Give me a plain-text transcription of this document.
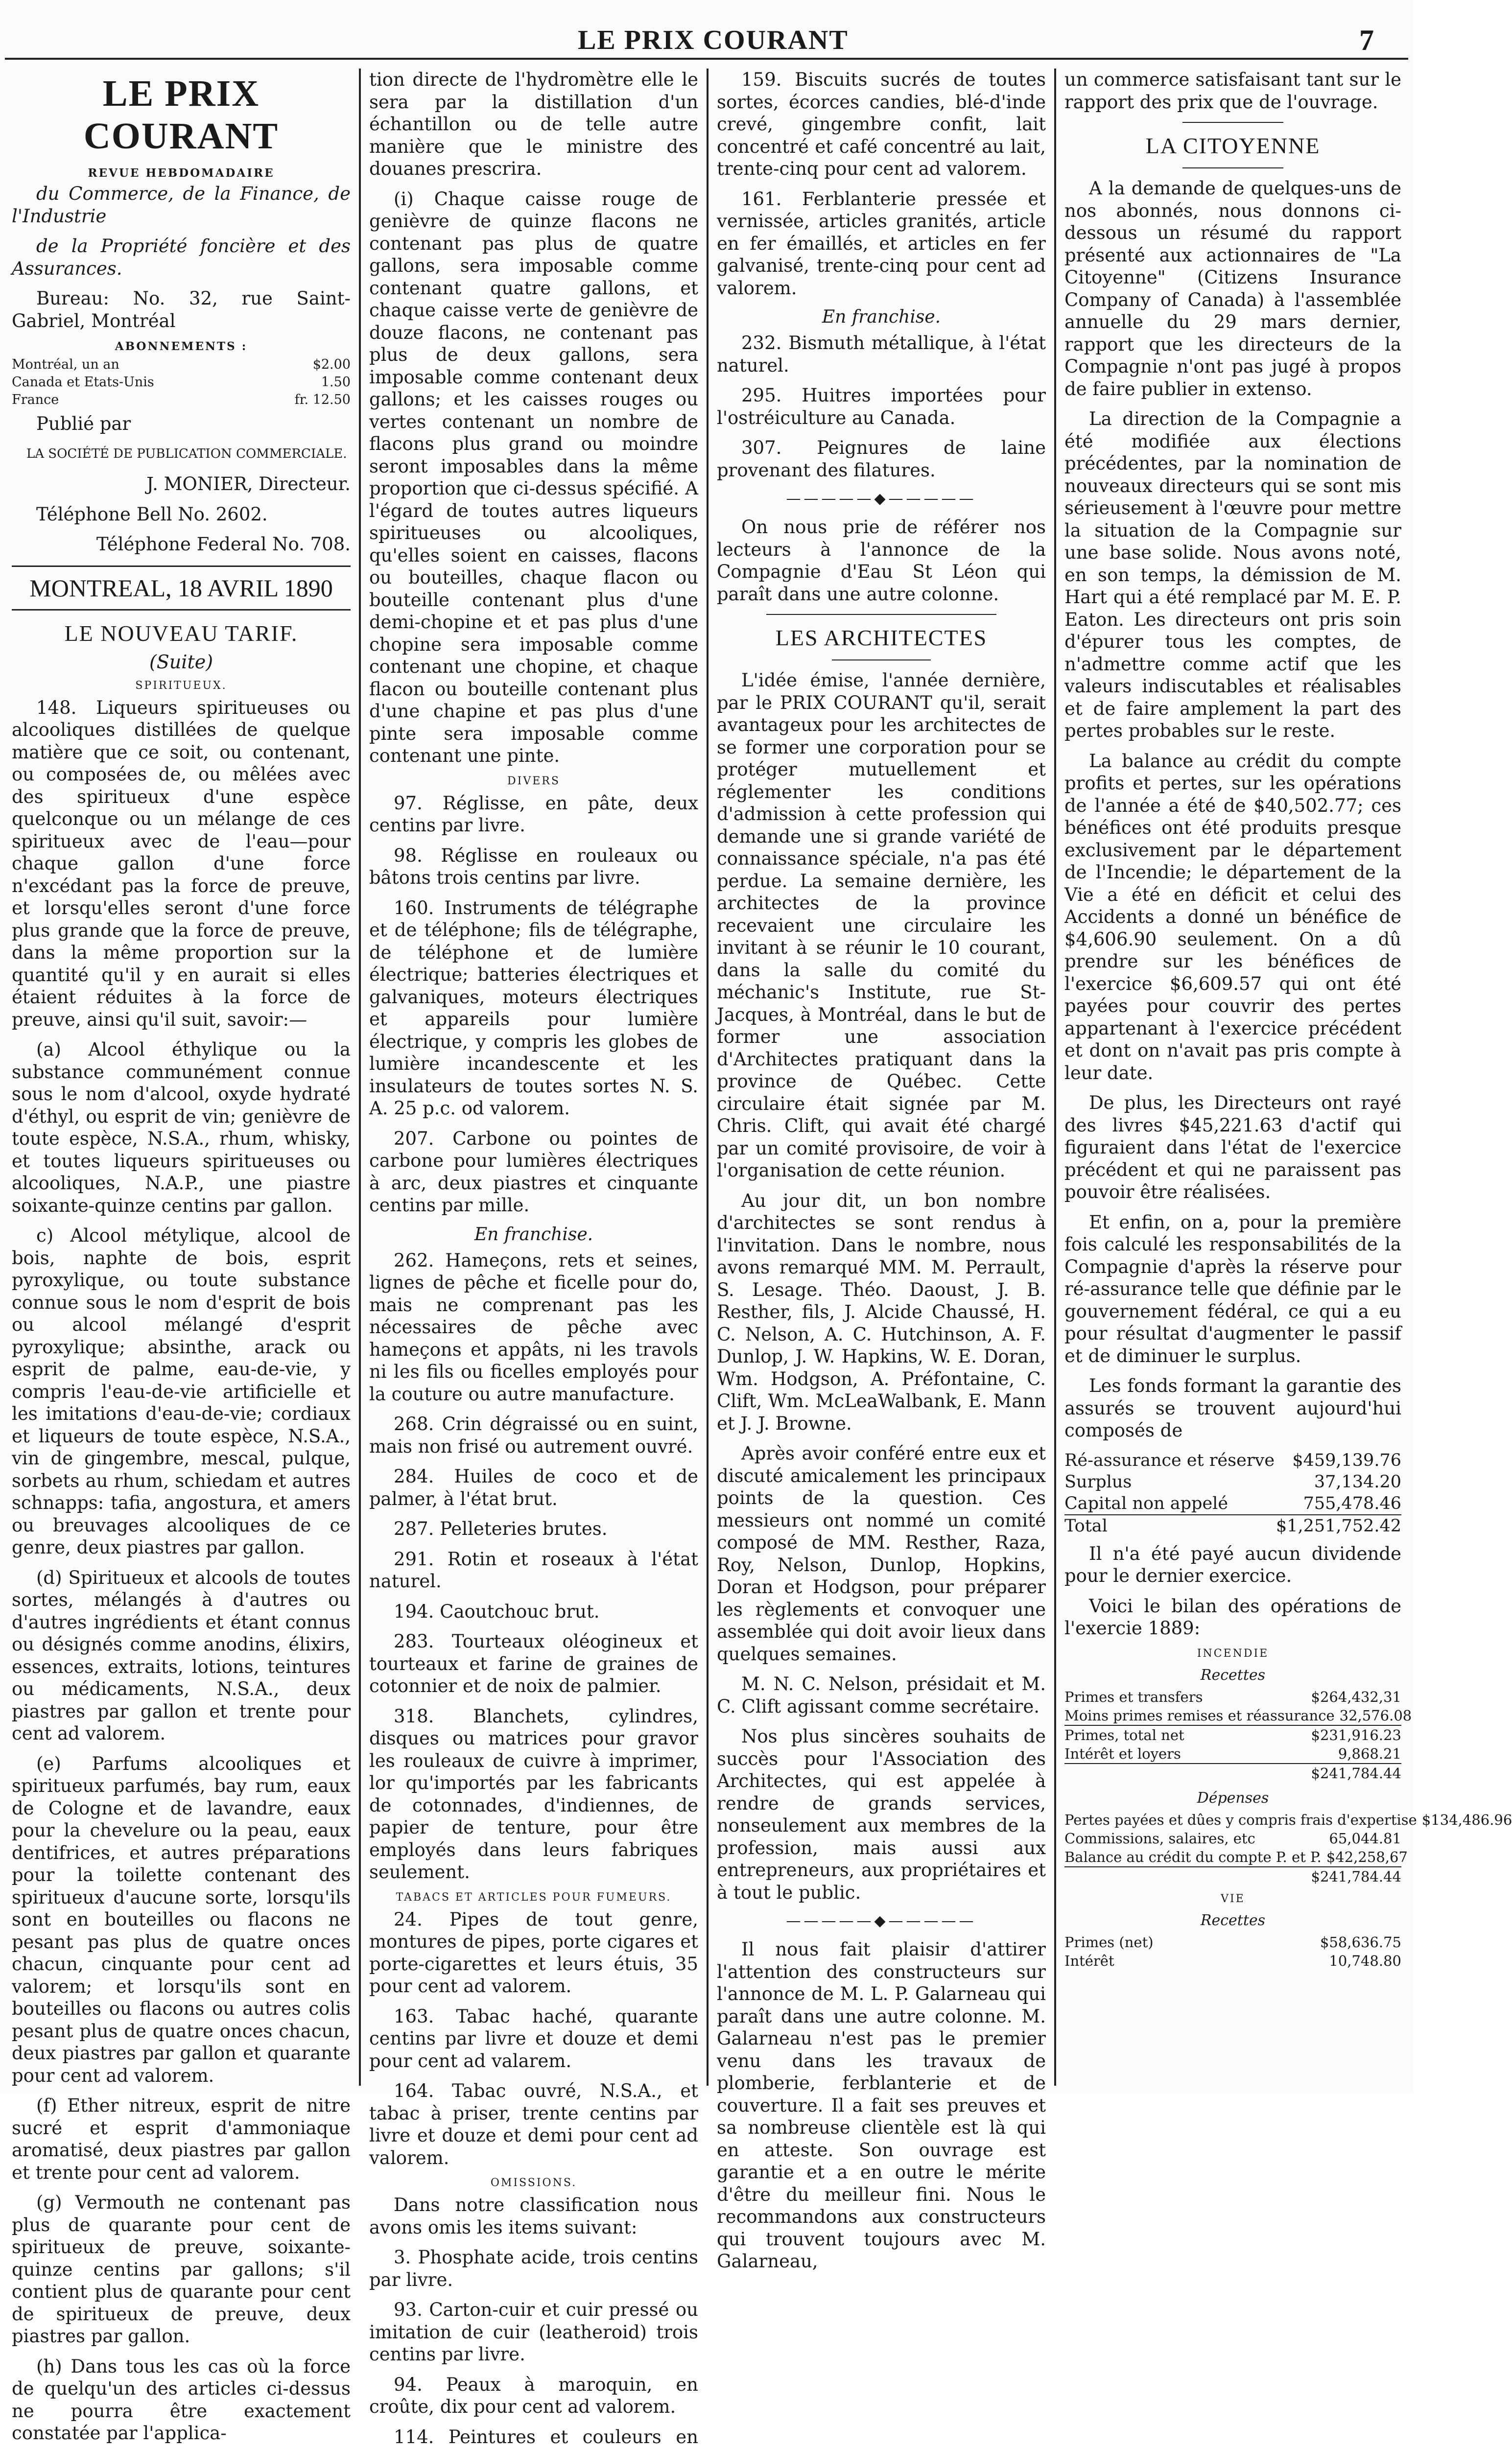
LE PRIX COURANT	7
LE PRIX COURANT
REVUE HEBDOMADAIRE

du Commerce, de la Finance, de l'Industrie

de la Propriété foncière et des Assurances.

Bureau: No. 32, rue Saint-Gabriel, Montréal

ABONNEMENTS :
Montréal, un an	$2.00
Canada et Etats-Unis	1.50
France	fr. 12.50

Publié par

LA SOCIÉTÉ DE PUBLICATION COMMERCIALE.

J. MONIER, Directeur.

Téléphone Bell No. 2602.

Téléphone Federal No. 708.

MONTREAL, 18 AVRIL 1890
LE NOUVEAU TARIF.
(Suite)
SPIRITUEUX.

148. Liqueurs spiritueuses ou alcooliques distillées de quelque matière que ce soit, ou contenant, ou composées de, ou mêlées avec des spiritueux d'une espèce quelconque ou un mélange de ces spiritueux avec de l'eau—pour chaque gallon d'une force n'excédant pas la force de preuve, et lorsqu'elles seront d'une force plus grande que la force de preuve, dans la même proportion sur la quantité qu'il y en aurait si elles étaient réduites à la force de preuve, ainsi qu'il suit, savoir:—

(a) Alcool éthylique ou la substance communément connue sous le nom d'alcool, oxyde hydraté d'éthyl, ou esprit de vin; genièvre de toute espèce, N.S.A., rhum, whisky, et toutes liqueurs spiritueuses ou alcooliques, N.A.P., une piastre soixante-quinze centins par gallon.

c) Alcool métylique, alcool de bois, naphte de bois, esprit pyroxylique, ou toute substance connue sous le nom d'esprit de bois ou alcool mélangé d'esprit pyroxylique; absinthe, arack ou esprit de palme, eau-de-vie, y compris l'eau-de-vie artificielle et les imitations d'eau-de-vie; cordiaux et liqueurs de toute espèce, N.S.A., vin de gingembre, mescal, pulque, sorbets au rhum, schiedam et autres schnapps: tafia, angostura, et amers ou breuvages alcooliques de ce genre, deux piastres par gallon.

(d) Spiritueux et alcools de toutes sortes, mélangés à d'autres ou d'autres ingrédients et étant connus ou désignés comme anodins, élixirs, essences, extraits, lotions, teintures ou médicaments, N.S.A., deux piastres par gallon et trente pour cent ad valorem.

(e) Parfums alcooliques et spiritueux parfumés, bay rum, eaux de Cologne et de lavandre, eaux pour la chevelure ou la peau, eaux dentifrices, et autres préparations pour la toilette contenant des spiritueux d'aucune sorte, lorsqu'ils sont en bouteilles ou flacons ne pesant pas plus de quatre onces chacun, cinquante pour cent ad valorem; et lorsqu'ils sont en bouteilles ou flacons ou autres colis pesant plus de quatre onces chacun, deux piastres par gallon et quarante pour cent ad valorem.

(f) Ether nitreux, esprit de nitre sucré et esprit d'ammoniaque aromatisé, deux piastres par gallon et trente pour cent ad valorem.

(g) Vermouth ne contenant pas plus de quarante pour cent de spiritueux de preuve, soixante-quinze centins par gallons; s'il contient plus de quarante pour cent de spiritueux de preuve, deux piastres par gallon.

(h) Dans tous les cas où la force de quelqu'un des articles ci-dessus ne pourra être exactement constatée par l'applica-

tion directe de l'hydromètre elle le sera par la distillation d'un échantillon ou de telle autre manière que le ministre des douanes prescrira.

(i) Chaque caisse rouge de genièvre de quinze flacons ne contenant pas plus de quatre gallons, sera imposable comme contenant quatre gallons, et chaque caisse verte de genièvre de douze flacons, ne contenant pas plus de deux gallons, sera imposable comme contenant deux gallons; et les caisses rouges ou vertes contenant un nombre de flacons plus grand ou moindre seront imposables dans la même proportion que ci-dessus spécifié. A l'égard de toutes autres liqueurs spiritueuses ou alcooliques, qu'elles soient en caisses, flacons ou bouteilles, chaque flacon ou bouteille contenant plus d'une demi-chopine et et pas plus d'une chopine sera imposable comme contenant une chopine, et chaque flacon ou bouteille contenant plus d'une chapine et pas plus d'une pinte sera imposable comme contenant une pinte.

DIVERS

97. Réglisse, en pâte, deux centins par livre.

98. Réglisse en rouleaux ou bâtons trois centins par livre.

160. Instruments de télégraphe et de téléphone; fils de télégraphe, de téléphone et de lumière électrique; batteries électriques et galvaniques, moteurs électriques et appareils pour lumière électrique, y compris les globes de lumière incandescente et les insulateurs de toutes sortes N. S. A. 25 p.c. od valorem.

207. Carbone ou pointes de carbone pour lumières électriques à arc, deux piastres et cinquante centins par mille.

En franchise.

262. Hameçons, rets et seines, lignes de pêche et ficelle pour do, mais ne comprenant pas les nécessaires de pêche avec hameçons et appâts, ni les travols ni les fils ou ficelles employés pour la couture ou autre manufacture.

268. Crin dégraissé ou en suint, mais non frisé ou autrement ouvré.

284. Huiles de coco et de palmer, à l'état brut.

287. Pelleteries brutes.

291. Rotin et roseaux à l'état naturel.

194. Caoutchouc brut.

283. Tourteaux oléogineux et tourteaux et farine de graines de cotonnier et de noix de palmier.

318. Blanchets, cylindres, disques ou matrices pour gravor les rouleaux de cuivre à imprimer, lor qu'importés par les fabricants de cotonnades, d'indiennes, de papier de tenture, pour être employés dans leurs fabriques seulement.

TABACS ET ARTICLES POUR FUMEURS.

24. Pipes de tout genre, montures de pipes, porte cigares et porte-cigarettes et leurs étuis, 35 pour cent ad valorem.

163. Tabac haché, quarante centins par livre et douze et demi pour cent ad valarem.

164. Tabac ouvré, N.S.A., et tabac à priser, trente centins par livre et douze et demi pour cent ad valorem.

OMISSIONS.

Dans notre classification nous avons omis les items suivant:

3. Phosphate acide, trois centins par livre.

93. Carton-cuir et cuir pressé ou imitation de cuir (leatheroid) trois centins par livre.

94. Peaux à maroquin, en croûte, dix pour cent ad valorem.

114. Peintures et couleurs en

159. Biscuits sucrés de toutes sortes, écorces candies, blé-d'inde crevé, gingembre confit, lait concentré et café concentré au lait, trente-cinq pour cent ad valorem.

161. Ferblanterie pressée et vernissée, articles granités, article en fer émaillés, et articles en fer galvanisé, trente-cinq pour cent ad valorem.

En franchise.

232. Bismuth métallique, à l'état naturel.

295. Huitres importées pour l'ostréiculture au Canada.

307. Peignures de laine provenant des filatures.

—————◆—————

On nous prie de référer nos lecteurs à l'annonce de la Compagnie d'Eau St Léon qui paraît dans une autre colonne.

LES ARCHITECTES

L'idée émise, l'année dernière, par le PRIX COURANT qu'il, serait avantageux pour les architectes de se former une corporation pour se protéger mutuellement et réglementer les conditions d'admission à cette profession qui demande une si grande variété de connaissance spéciale, n'a pas été perdue. La semaine dernière, les architectes de la province recevaient une circulaire les invitant à se réunir le 10 courant, dans la salle du comité du méchanic's Institute, rue St-Jacques, à Montréal, dans le but de former une association d'Architectes pratiquant dans la province de Québec. Cette circulaire était signée par M. Chris. Clift, qui avait été chargé par un comité provisoire, de voir à l'organisation de cette réunion.

Au jour dit, un bon nombre d'architectes se sont rendus à l'invitation. Dans le nombre, nous avons remarqué MM. M. Perrault, S. Lesage. Théo. Daoust, J. B. Resther, fils, J. Alcide Chaussé, H. C. Nelson, A. C. Hutchinson, A. F. Dunlop, J. W. Hapkins, W. E. Doran, Wm. Hodgson, A. Préfontaine, C. Clift, Wm. McLeaWalbank, E. Mann et J. J. Browne.

Après avoir conféré entre eux et discuté amicalement les principaux points de la question. Ces messieurs ont nommé un comité composé de MM. Resther, Raza, Roy, Nelson, Dunlop, Hopkins, Doran et Hodgson, pour préparer les règlements et convoquer une assemblée qui doit avoir lieux dans quelques semaines.

M. N. C. Nelson, présidait et M. C. Clift agissant comme secrétaire.

Nos plus sincères souhaits de succès pour l'Association des Architectes, qui est appelée à rendre de grands services, nonseulement aux membres de la profession, mais aussi aux entrepreneurs, aux propriétaires et à tout le public.

—————◆—————

Il nous fait plaisir d'attirer l'attention des constructeurs sur l'annonce de M. L. P. Galarneau qui paraît dans une autre colonne. M. Galarneau n'est pas le premier venu dans les travaux de plomberie, ferblanterie et de couverture. Il a fait ses preuves et sa nombreuse clientèle est là qui en atteste. Son ouvrage est garantie et a en outre le mérite d'être du meilleur fini. Nous le recommandons aux constructeurs qui trouvent toujours avec M. Galarneau,

un commerce satisfaisant tant sur le rapport des prix que de l'ouvrage.

LA CITOYENNE

A la demande de quelques-uns de nos abonnés, nous donnons ci-dessous un résumé du rapport présenté aux actionnaires de "La Citoyenne" (Citizens Insurance Company of Canada) à l'assemblée annuelle du 29 mars dernier, rapport que les directeurs de la Compagnie n'ont pas jugé à propos de faire publier in extenso.

La direction de la Compagnie a été modifiée aux élections précédentes, par la nomination de nouveaux directeurs qui se sont mis sérieusement à l'œuvre pour mettre la situation de la Compagnie sur une base solide. Nous avons noté, en son temps, la démission de M. Hart qui a été remplacé par M. E. P. Eaton. Les directeurs ont pris soin d'épurer tous les comptes, de n'admettre comme actif que les valeurs indiscutables et réalisables et de faire amplement la part des pertes probables sur le reste.

La balance au crédit du compte profits et pertes, sur les opérations de l'année a été de $40,502.77; ces bénéfices ont été produits presque exclusivement par le département de l'Incendie; le département de la Vie a été en déficit et celui des Accidents a donné un bénéfice de $4,606.90 seulement. On a dû prendre sur les bénéfices de l'exercice $6,609.57 qui ont été payées pour couvrir des pertes appartenant à l'exercice précédent et dont on n'avait pas pris compte à leur date.

De plus, les Directeurs ont rayé des livres $45,221.63 d'actif qui figuraient dans l'état de l'exercice précédent et qui ne paraissent pas pouvoir être réalisées.

Et enfin, on a, pour la première fois calculé les responsabilités de la Compagnie d'après la réserve pour ré-assurance telle que définie par le gouvernement fédéral, ce qui a eu pour résultat d'augmenter le passif et de diminuer le surplus.

Les fonds formant la garantie des assurés se trouvent aujourd'hui composés de

Ré-assurance et réserve	$459,139.76
Surplus	37,134.20
Capital non appelé	755,478.46
Total	$1,251,752.42

Il n'a été payé aucun dividende pour le dernier exercice.

Voici le bilan des opérations de l'exercie 1889:

INCENDIE
Recettes
Primes et transfers	$264,432,31
Moins primes remises et réassurance 32,576.08
Primes, total net	$231,916.23
Intérêt et loyers	9,868.21
$241,784.44
Dépenses
Pertes payées et dûes y compris frais d'expertise $134,486.96
Commissions, salaires, etc	65,044.81
Balance au crédit du compte P. et P. $42,258,67
$241,784.44
VIE
Recettes
Primes (net)	$58,636.75
Intérêt	10,748.80
